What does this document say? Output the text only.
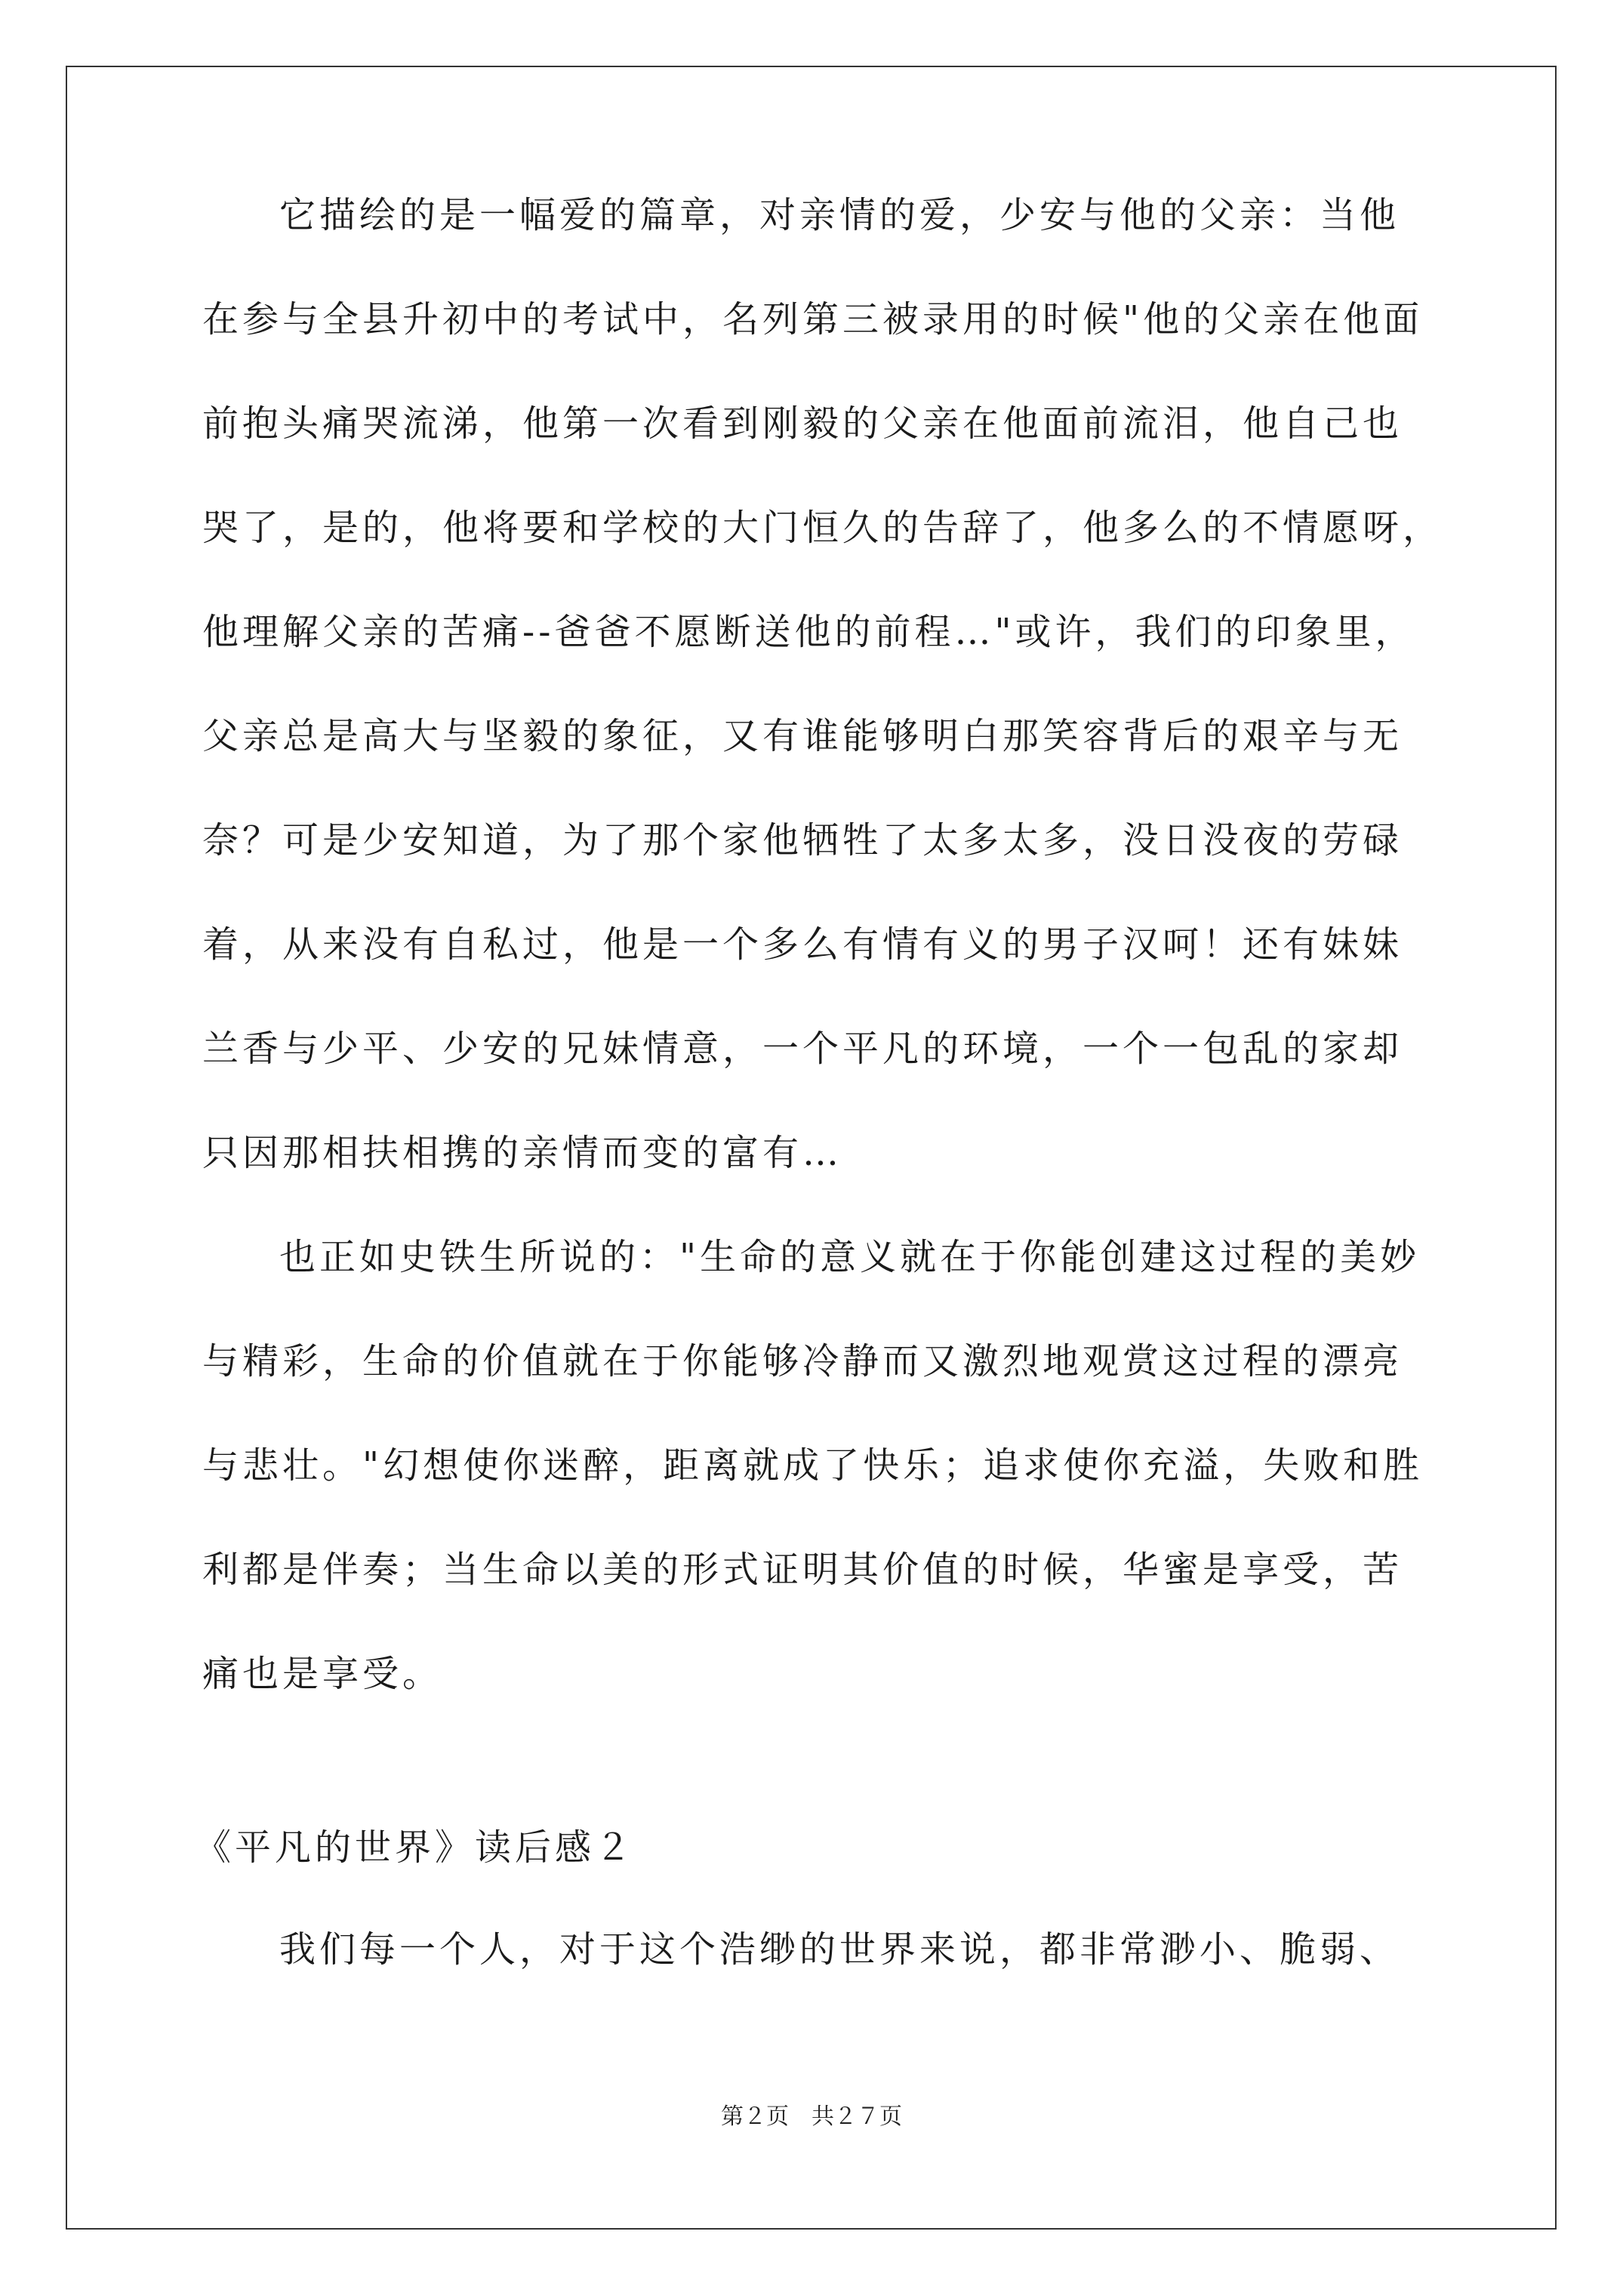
它描绘的是一幅爱的篇章，对亲情的爱，少安与他的父亲：当他
在参与全县升初中的考试中，名列第三被录用的时候"他的父亲在他面
前抱头痛哭流涕，他第一次看到刚毅的父亲在他面前流泪，他自己也
哭了，是的，他将要和学校的大门恒久的告辞了，他多么的不情愿呀，
他理解父亲的苦痛--爸爸不愿断送他的前程…"或许，我们的印象里，
父亲总是高大与坚毅的象征，又有谁能够明白那笑容背后的艰辛与无
奈？可是少安知道，为了那个家他牺牲了太多太多，没日没夜的劳碌
着，从来没有自私过，他是一个多么有情有义的男子汉呵！还有妹妹
兰香与少平、少安的兄妹情意，一个平凡的环境，一个一包乱的家却
只因那相扶相携的亲情而变的富有…
也正如史铁生所说的："生命的意义就在于你能创建这过程的美妙
与精彩，生命的价值就在于你能够冷静而又激烈地观赏这过程的漂亮
与悲壮。"幻想使你迷醉，距离就成了快乐；追求使你充溢，失败和胜
利都是伴奏；当生命以美的形式证明其价值的时候，华蜜是享受，苦
痛也是享受。
《平凡的世界》读后感２
我们每一个人，对于这个浩缈的世界来说，都非常渺小、脆弱、
第２页　共２７页
